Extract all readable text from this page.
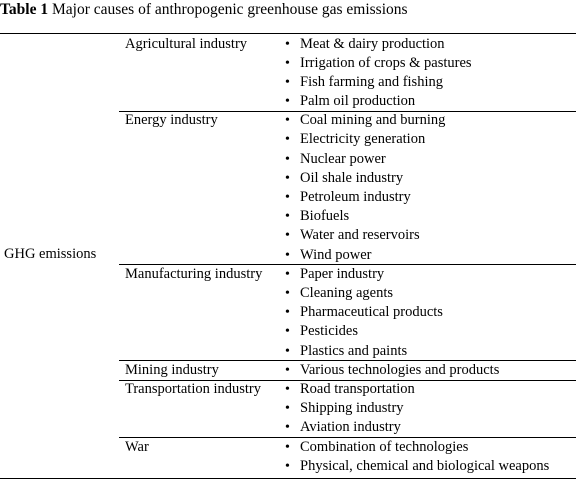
Table 1 Major causes of anthropogenic greenhouse gas emissions
GHG emissions
Agricultural industry	• Meat & dairy production
• Irrigation of crops & pastures
• Fish farming and fishing
• Palm oil production
Energy industry	• Coal mining and burning
• Electricity generation
• Nuclear power
• Oil shale industry
• Petroleum industry
• Biofuels
• Water and reservoirs
• Wind power
Manufacturing industry • Paper industry
• Cleaning agents
• Pharmaceutical products
• Pesticides
• Plastics and paints
Mining industry	• Various technologies and products
Transportation industry • Road transportation
• Shipping industry
• Aviation industry
War	• Combination of technologies
• Physical, chemical and biological weapons
